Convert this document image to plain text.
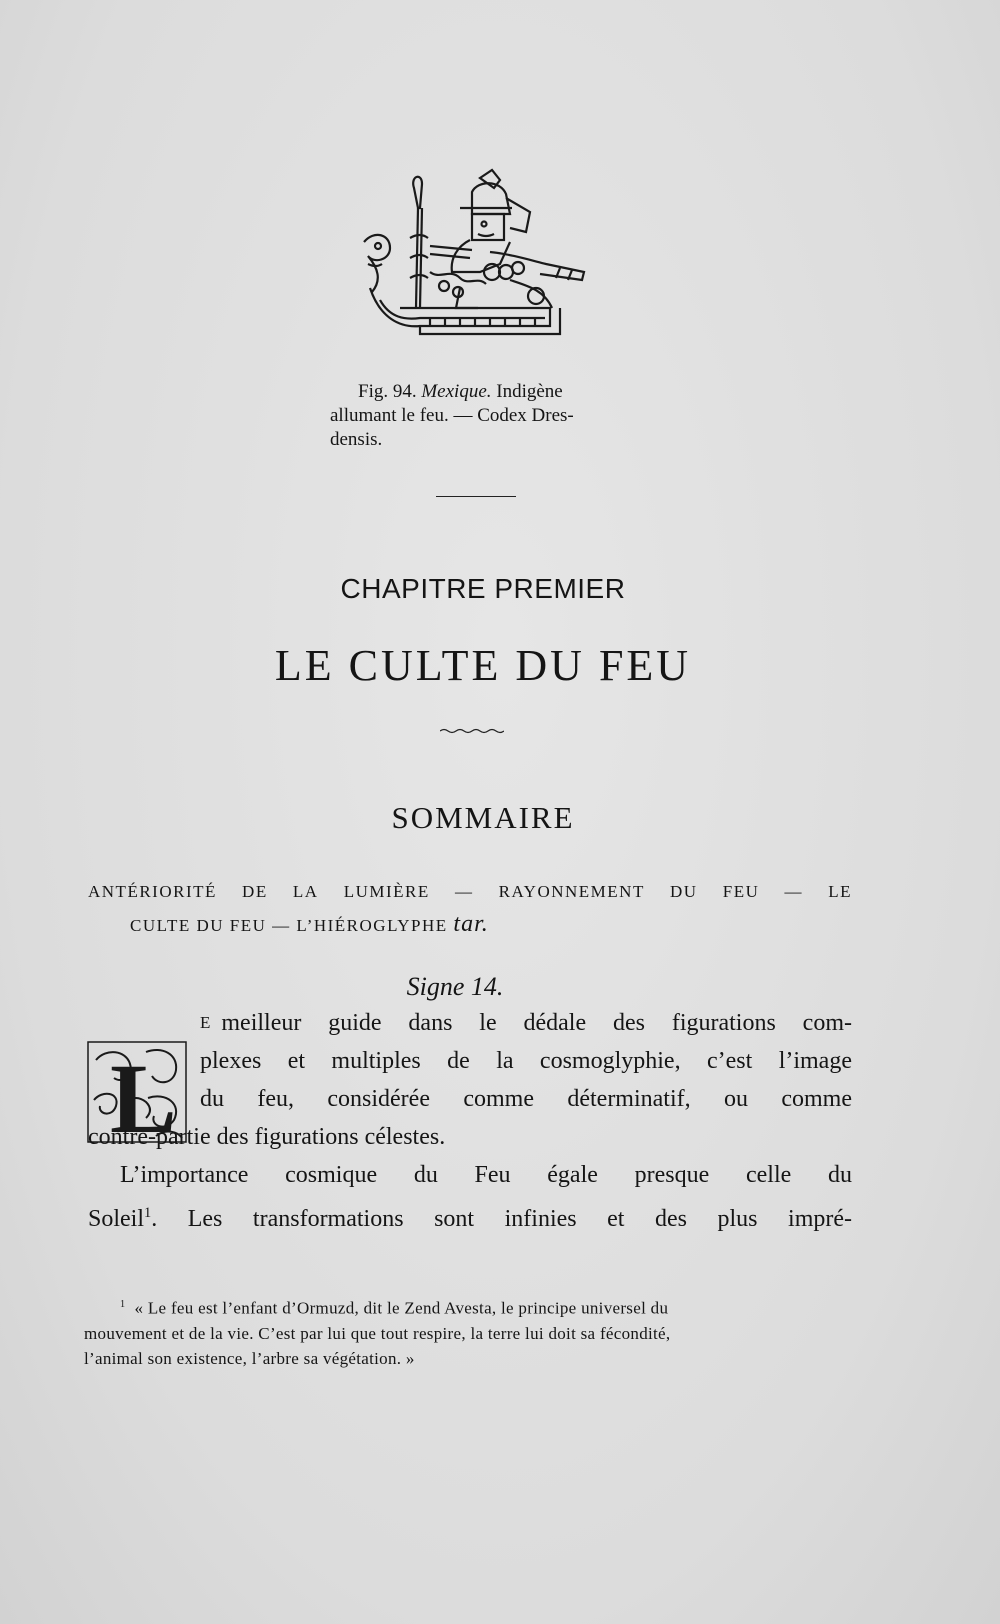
Fig. 94. Mexique. Indigène
allumant le feu. — Codex Dres-
densis.
CHAPITRE PREMIER
LE CULTE DU FEU
SOMMAIRE
ANTÉRIORITÉ DE LA LUMIÈRE — RAYONNEMENT DU FEU — LE
CULTE DU FEU — L’HIÉROGLYPHE tar.
Signe 14.
L
E meilleur guide dans le dédale des figurations com-
plexes et multiples de la cosmoglyphie, c’est l’image
du feu, considérée comme déterminatif, ou comme
contre-partie des figurations célestes.
L’importance cosmique du Feu égale presque celle du
Soleil$^1$. Les transformations sont infinies et des plus impré-
$^1$ « Le feu est l’enfant d’Ormuzd, dit le Zend Avesta, le principe universel du
mouvement et de la vie. C’est par lui que tout respire, la terre lui doit sa fécondité,
l’animal son existence, l’arbre sa végétation. »
